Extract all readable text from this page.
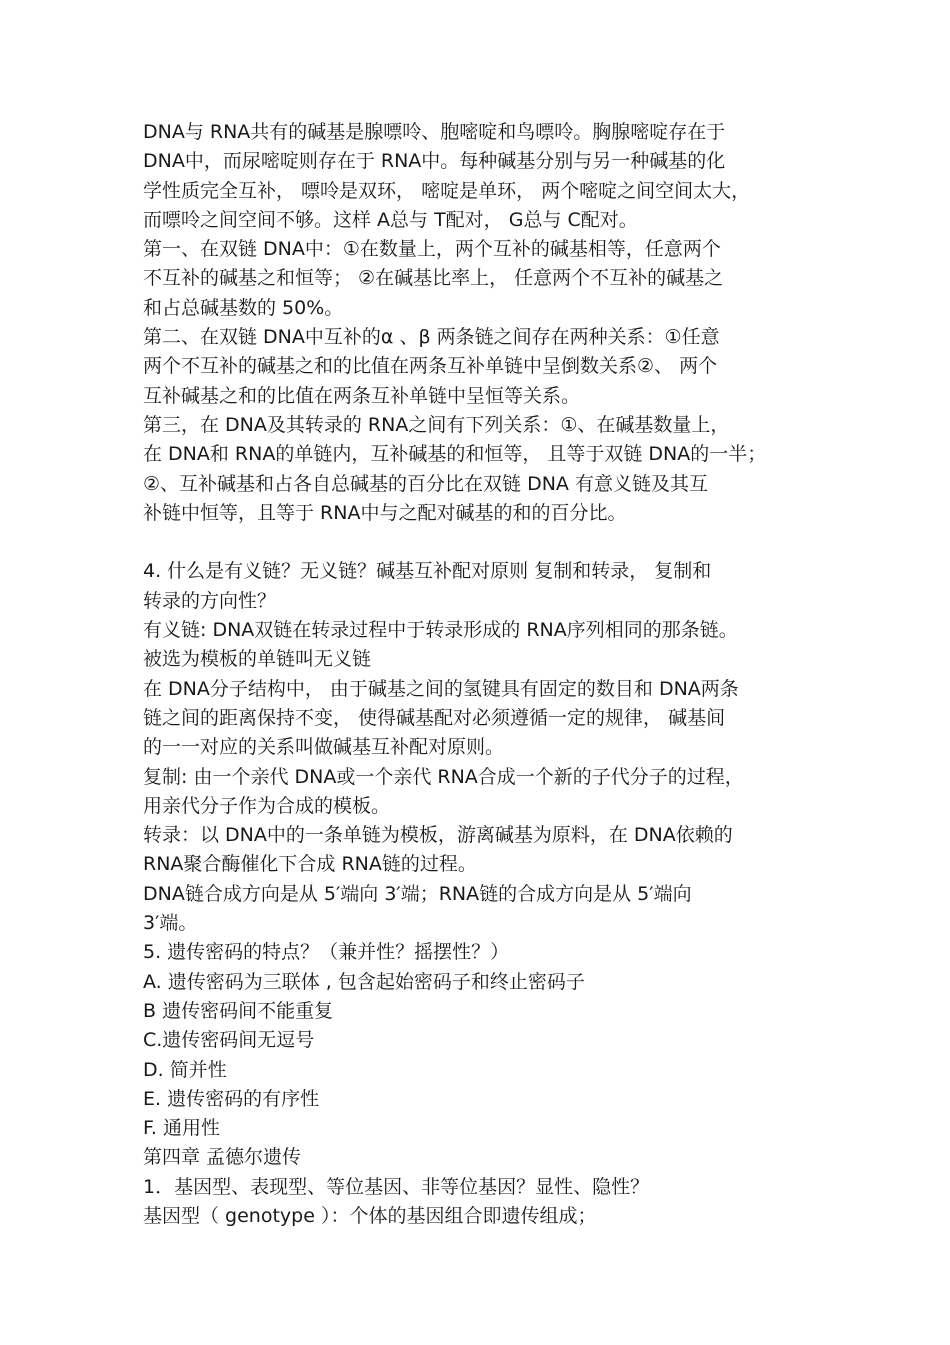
DNA与 RNA共有的碱基是腺嘌呤、胞嘧啶和鸟嘌呤。胸腺嘧啶存在于
DNA中，而尿嘧啶则存在于 RNA中。每种碱基分别与另一种碱基的化
学性质完全互补， 嘌呤是双环， 嘧啶是单环， 两个嘧啶之间空间太大，
而嘌呤之间空间不够。这样 A总与 T配对， G总与 C配对。
第一、在双链 DNA中：①在数量上，两个互补的碱基相等，任意两个
不互补的碱基之和恒等； ②在碱基比率上， 任意两个不互补的碱基之
和占总碱基数的 50%。
第二、在双链 DNA中互补的α 、β 两条链之间存在两种关系：①任意
两个不互补的碱基之和的比值在两条互补单链中呈倒数关系②、 两个
互补碱基之和的比值在两条互补单链中呈恒等关系。
第三，在 DNA及其转录的 RNA之间有下列关系：①、在碱基数量上，
在 DNA和 RNA的单链内，互补碱基的和恒等， 且等于双链 DNA的一半；
②、互补碱基和占各自总碱基的百分比在双链 DNA 有意义链及其互
补链中恒等，且等于 RNA中与之配对碱基的和的百分比。
4. 什么是有义链？无义链？碱基互补配对原则 复制和转录， 复制和
转录的方向性？
有义链: DNA双链在转录过程中于转录形成的 RNA序列相同的那条链。
被选为模板的单链叫无义链
在 DNA分子结构中， 由于碱基之间的氢键具有固定的数目和 DNA两条
链之间的距离保持不变， 使得碱基配对必须遵循一定的规律， 碱基间
的一一对应的关系叫做碱基互补配对原则。
复制: 由一个亲代 DNA或一个亲代 RNA合成一个新的子代分子的过程，
用亲代分子作为合成的模板。
转录：以 DNA中的一条单链为模板，游离碱基为原料，在 DNA依赖的
RNA聚合酶催化下合成 RNA链的过程。
DNA链合成方向是从 5′端向 3′端；RNA链的合成方向是从 5′端向
3′端。
5. 遗传密码的特点？（兼并性？摇摆性？）
A. 遗传密码为三联体 , 包含起始密码子和终止密码子
B 遗传密码间不能重复
C.遗传密码间无逗号
D. 简并性
E. 遗传密码的有序性
F. 通用性
第四章 孟德尔遗传
1．基因型、表现型、等位基因、非等位基因？显性、隐性？
基因型（ genotype ）：个体的基因组合即遗传组成；
